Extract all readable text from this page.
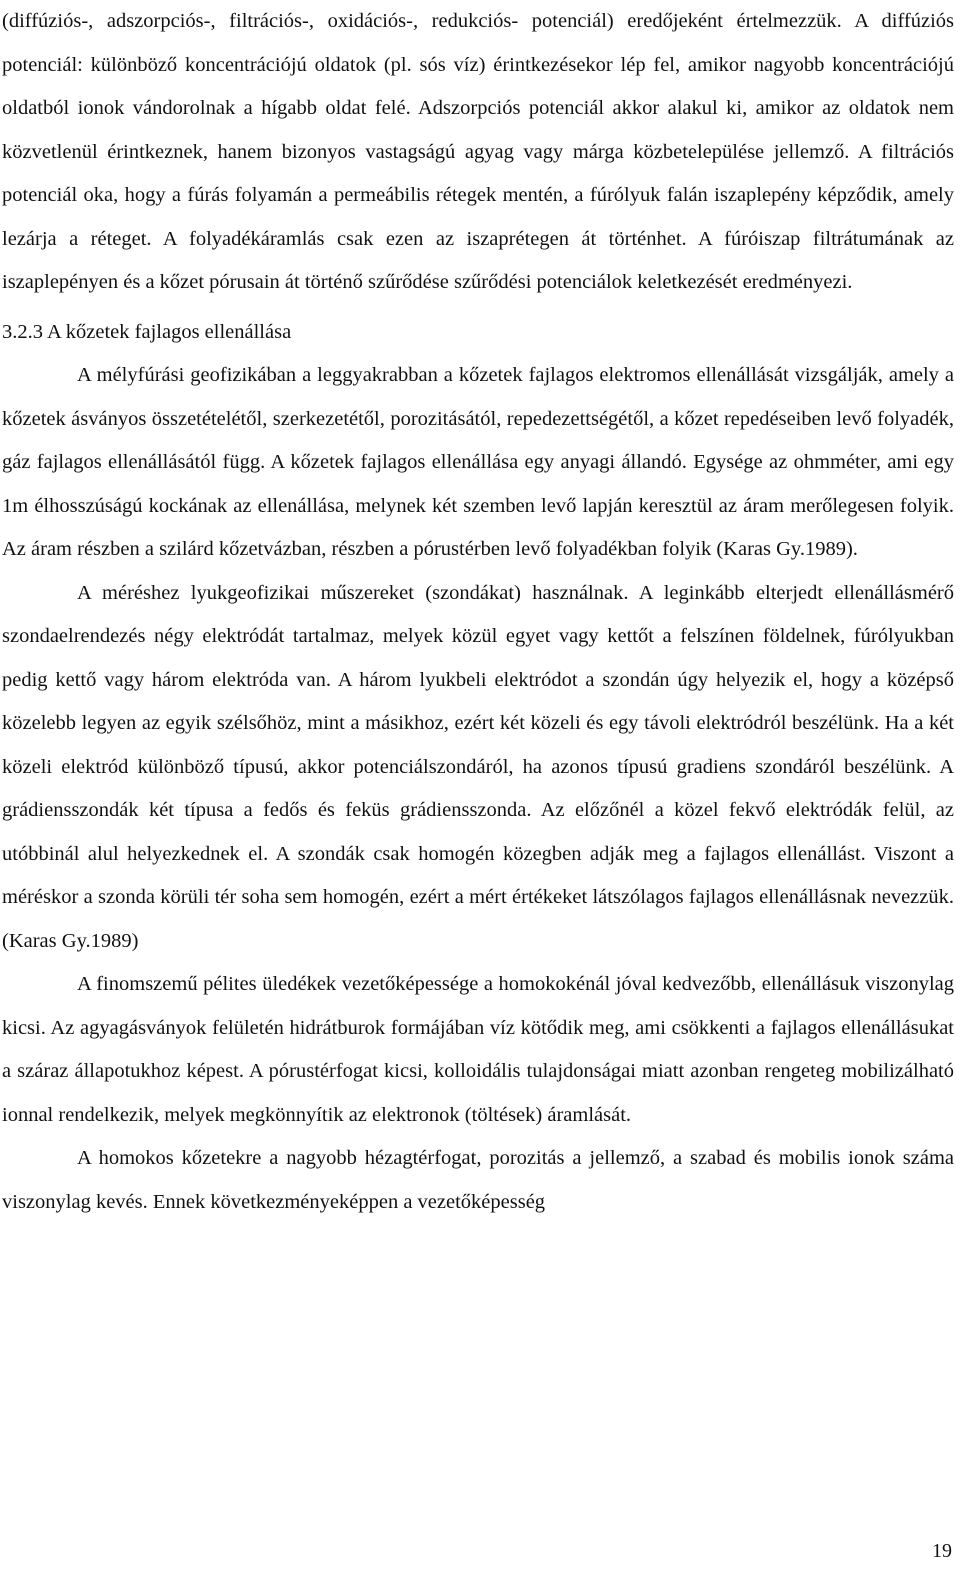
(diffúziós-, adszorpciós-, filtrációs-, oxidációs-, redukciós- potenciál) eredőjeként értelmezzük. A diffúziós potenciál: különböző koncentrációjú oldatok (pl. sós víz) érintkezésekor lép fel, amikor nagyobb koncentrációjú oldatból ionok vándorolnak a hígabb oldat felé. Adszorpciós potenciál akkor alakul ki, amikor az oldatok nem közvetlenül érintkeznek, hanem bizonyos vastagságú agyag vagy márga közbetelepülése jellemző. A filtrációs potenciál oka, hogy a fúrás folyamán a permeábilis rétegek mentén, a fúrólyuk falán iszaplepény képződik, amely lezárja a réteget. A folyadékáramlás csak ezen az iszaprétegen át történhet. A fúróiszap filtrátumának az iszaplepényen és a kőzet pórusain át történő szűrődése szűrődési potenciálok keletkezését eredményezi.

3.2.3 A kőzetek fajlagos ellenállása

A mélyfúrási geofizikában a leggyakrabban a kőzetek fajlagos elektromos ellenállását vizsgálják, amely a kőzetek ásványos összetételétől, szerkezetétől, porozitásától, repedezettségétől, a kőzet repedéseiben levő folyadék, gáz fajlagos ellenállásától függ. A kőzetek fajlagos ellenállása egy anyagi állandó. Egysége az ohmméter, ami egy 1m élhosszúságú kockának az ellenállása, melynek két szemben levő lapján keresztül az áram merőlegesen folyik. Az áram részben a szilárd kőzetvázban, részben a pórustérben levő folyadékban folyik (Karas Gy.1989).

A méréshez lyukgeofizikai műszereket (szondákat) használnak. A leginkább elterjedt ellenállásmérő szondaelrendezés négy elektródát tartalmaz, melyek közül egyet vagy kettőt a felszínen földelnek, fúrólyukban pedig kettő vagy három elektróda van. A három lyukbeli elektródot a szondán úgy helyezik el, hogy a középső közelebb legyen az egyik szélsőhöz, mint a másikhoz, ezért két közeli és egy távoli elektródról beszélünk. Ha a két közeli elektród különböző típusú, akkor potenciálszondáról, ha azonos típusú gradiens szondáról beszélünk. A grádiensszondák két típusa a fedős és feküs grádiensszonda. Az előzőnél a közel fekvő elektródák felül, az utóbbinál alul helyezkednek el. A szondák csak homogén közegben adják meg a fajlagos ellenállást. Viszont a méréskor a szonda körüli tér soha sem homogén, ezért a mért értékeket látszólagos fajlagos ellenállásnak nevezzük. (Karas Gy.1989)

A finomszemű pélites üledékek vezetőképessége a homokokénál jóval kedvezőbb, ellenállásuk viszonylag kicsi. Az agyagásványok felületén hidrátburok formájában víz kötődik meg, ami csökkenti a fajlagos ellenállásukat a száraz állapotukhoz képest. A pórustérfogat kicsi, kolloidális tulajdonságai miatt azonban rengeteg mobilizálható ionnal rendelkezik, melyek megkönnyítik az elektronok (töltések) áramlását.

A homokos kőzetekre a nagyobb hézagtérfogat, porozitás a jellemző, a szabad és mobilis ionok száma viszonylag kevés. Ennek következményeképpen a vezetőképesség

19
